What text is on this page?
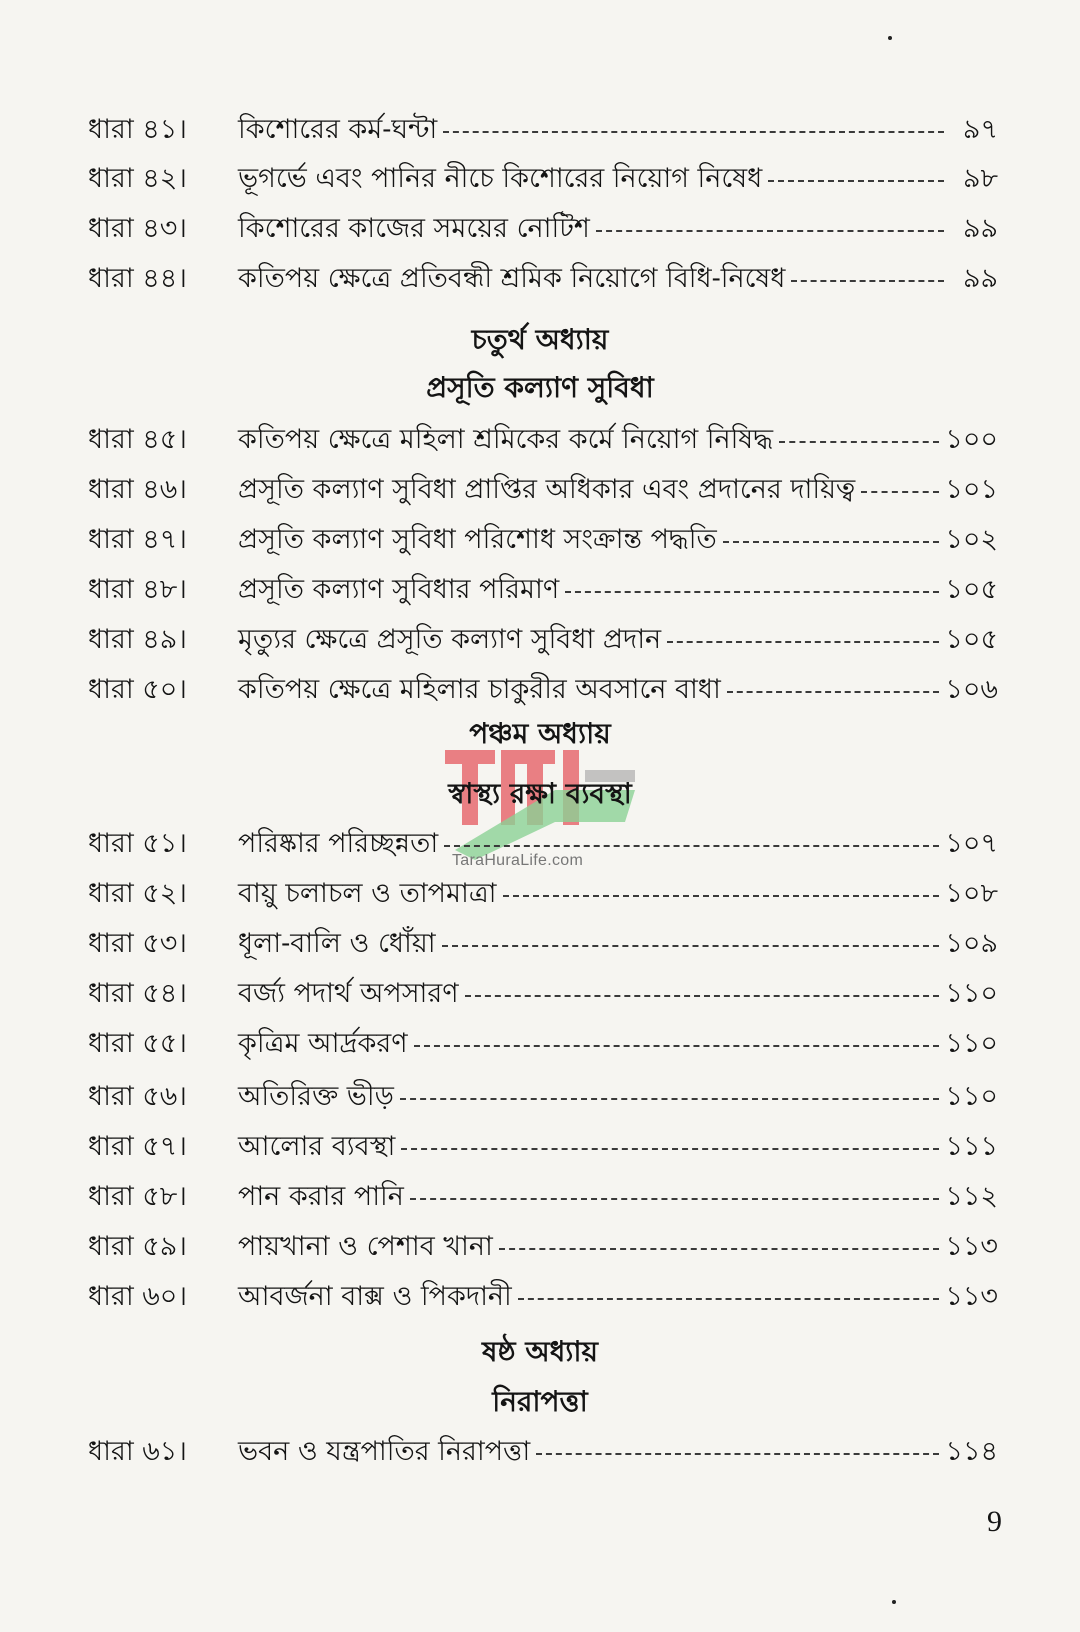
ধারা ৪১।	কিশোরের কর্ম-ঘন্টা	৯৭
ধারা ৪২।	ভূগর্ভে এবং পানির নীচে কিশোরের নিয়োগ নিষেধ	৯৮
ধারা ৪৩।	কিশোরের কাজের সময়ের নোটিশ	৯৯
ধারা ৪৪।	কতিপয় ক্ষেত্রে প্রতিবন্ধী শ্রমিক নিয়োগে বিধি-নিষেধ	৯৯
চতুর্থ অধ্যায়
প্রসূতি কল্যাণ সুবিধা
ধারা ৪৫।	কতিপয় ক্ষেত্রে মহিলা শ্রমিকের কর্মে নিয়োগ নিষিদ্ধ	১০০
ধারা ৪৬।	প্রসূতি কল্যাণ সুবিধা প্রাপ্তির অধিকার এবং প্রদানের দায়িত্ব	১০১
ধারা ৪৭।	প্রসূতি কল্যাণ সুবিধা পরিশোধ সংক্রান্ত পদ্ধতি	১০২
ধারা ৪৮।	প্রসূতি কল্যাণ সুবিধার পরিমাণ	১০৫
ধারা ৪৯।	মৃত্যুর ক্ষেত্রে প্রসূতি কল্যাণ সুবিধা প্রদান	১০৫
ধারা ৫০।	কতিপয় ক্ষেত্রে মহিলার চাকুরীর অবসানে বাধা	১০৬
পঞ্চম অধ্যায়
স্বাস্থ্য রক্ষা ব্যবস্থা
TaraHuraLife.com
ধারা ৫১।	পরিষ্কার পরিচ্ছন্নতা	১০৭
ধারা ৫২।	বায়ু চলাচল ও তাপমাত্রা	১০৮
ধারা ৫৩।	ধূলা-বালি ও ধোঁয়া	১০৯
ধারা ৫৪।	বর্জ্য পদার্থ অপসারণ	১১০
ধারা ৫৫।	কৃত্রিম আর্দ্রকরণ	১১০
ধারা ৫৬।	অতিরিক্ত ভীড়	১১০
ধারা ৫৭।	আলোর ব্যবস্থা	১১১
ধারা ৫৮।	পান করার পানি	১১২
ধারা ৫৯।	পায়খানা ও পেশাব খানা	১১৩
ধারা ৬০।	আবর্জনা বাক্স ও পিকদানী	১১৩
ষষ্ঠ অধ্যায়
নিরাপত্তা
ধারা ৬১।	ভবন ও যন্ত্রপাতির নিরাপত্তা	১১৪
9
